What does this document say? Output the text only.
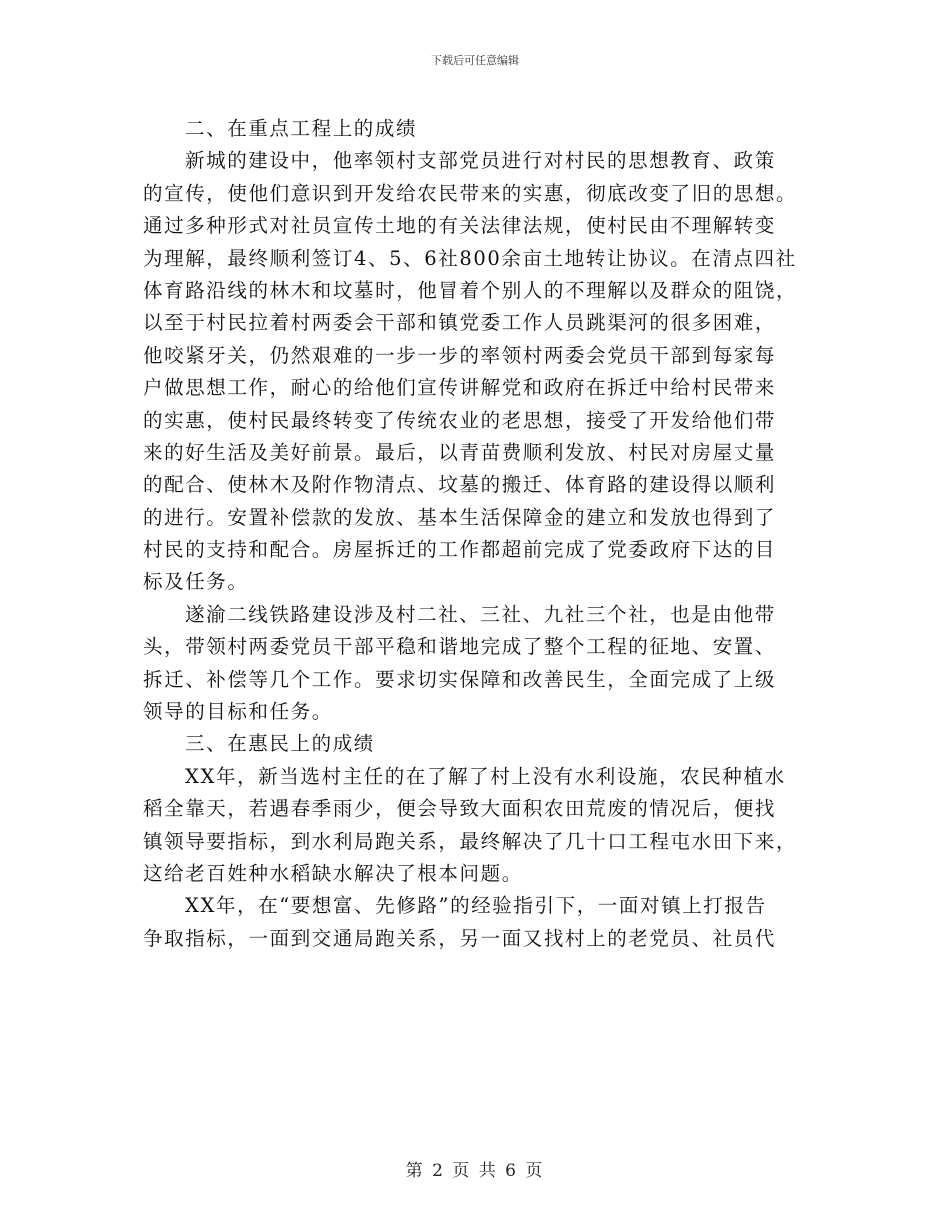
下载后可任意编辑
二、在重点工程上的成绩
新城的建设中，他率领村支部党员进行对村民的思想教育、政策
的宣传，使他们意识到开发给农民带来的实惠，彻底改变了旧的思想。
通过多种形式对社员宣传土地的有关法律法规，使村民由不理解转变
为理解，最终顺利签订4、5、6社800余亩土地转让协议。在清点四社
体育路沿线的林木和坟墓时，他冒着个别人的不理解以及群众的阻饶，
以至于村民拉着村两委会干部和镇党委工作人员跳渠河的很多困难，
他咬紧牙关，仍然艰难的一步一步的率领村两委会党员干部到每家每
户做思想工作，耐心的给他们宣传讲解党和政府在拆迁中给村民带来
的实惠，使村民最终转变了传统农业的老思想，接受了开发给他们带
来的好生活及美好前景。最后，以青苗费顺利发放、村民对房屋丈量
的配合、使林木及附作物清点、坟墓的搬迁、体育路的建设得以顺利
的进行。安置补偿款的发放、基本生活保障金的建立和发放也得到了
村民的支持和配合。房屋拆迁的工作都超前完成了党委政府下达的目
标及任务。
遂渝二线铁路建设涉及村二社、三社、九社三个社，也是由他带
头，带领村两委党员干部平稳和谐地完成了整个工程的征地、安置、
拆迁、补偿等几个工作。要求切实保障和改善民生，全面完成了上级
领导的目标和任务。
三、在惠民上的成绩
XX年，新当选村主任的在了解了村上没有水利设施，农民种植水
稻全靠天，若遇春季雨少，便会导致大面积农田荒废的情况后，便找
镇领导要指标，到水利局跑关系，最终解决了几十口工程屯水田下来，
这给老百姓种水稻缺水解决了根本问题。
XX年，在“要想富、先修路”的经验指引下，一面对镇上打报告
争取指标，一面到交通局跑关系，另一面又找村上的老党员、社员代
第 2 页 共 6 页
